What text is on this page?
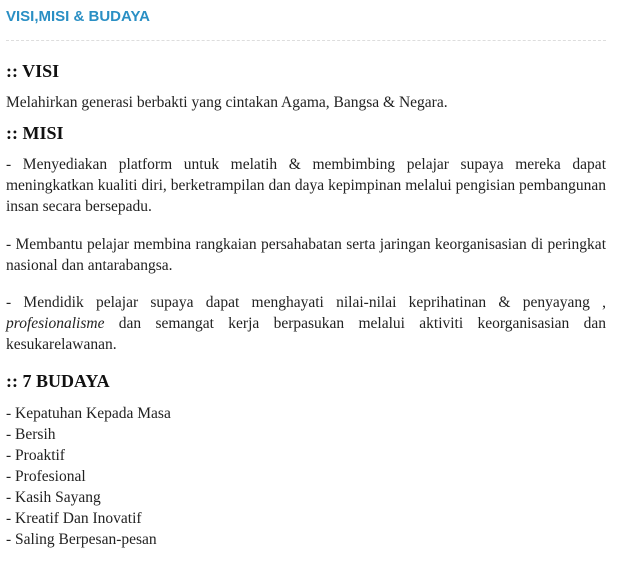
VISI,MISI & BUDAYA
:: VISI

Melahirkan generasi berbakti yang cintakan Agama, Bangsa & Negara.

:: MISI

- Menyediakan platform untuk melatih & membimbing pelajar supaya mereka dapat meningkatkan kualiti diri, berketrampilan dan daya kepimpinan melalui pengisian pembangunan insan secara bersepadu.

- Membantu pelajar membina rangkaian persahabatan serta jaringan keorganisasian di peringkat nasional dan antarabangsa.

- Mendidik pelajar supaya dapat menghayati nilai-nilai keprihatinan & penyayang , profesionalisme dan semangat kerja berpasukan melalui aktiviti keorganisasian dan kesukarelawanan.

:: 7 BUDAYA
- Kepatuhan Kepada Masa
- Bersih
- Proaktif
- Profesional
- Kasih Sayang
- Kreatif Dan Inovatif
- Saling Berpesan-pesan
